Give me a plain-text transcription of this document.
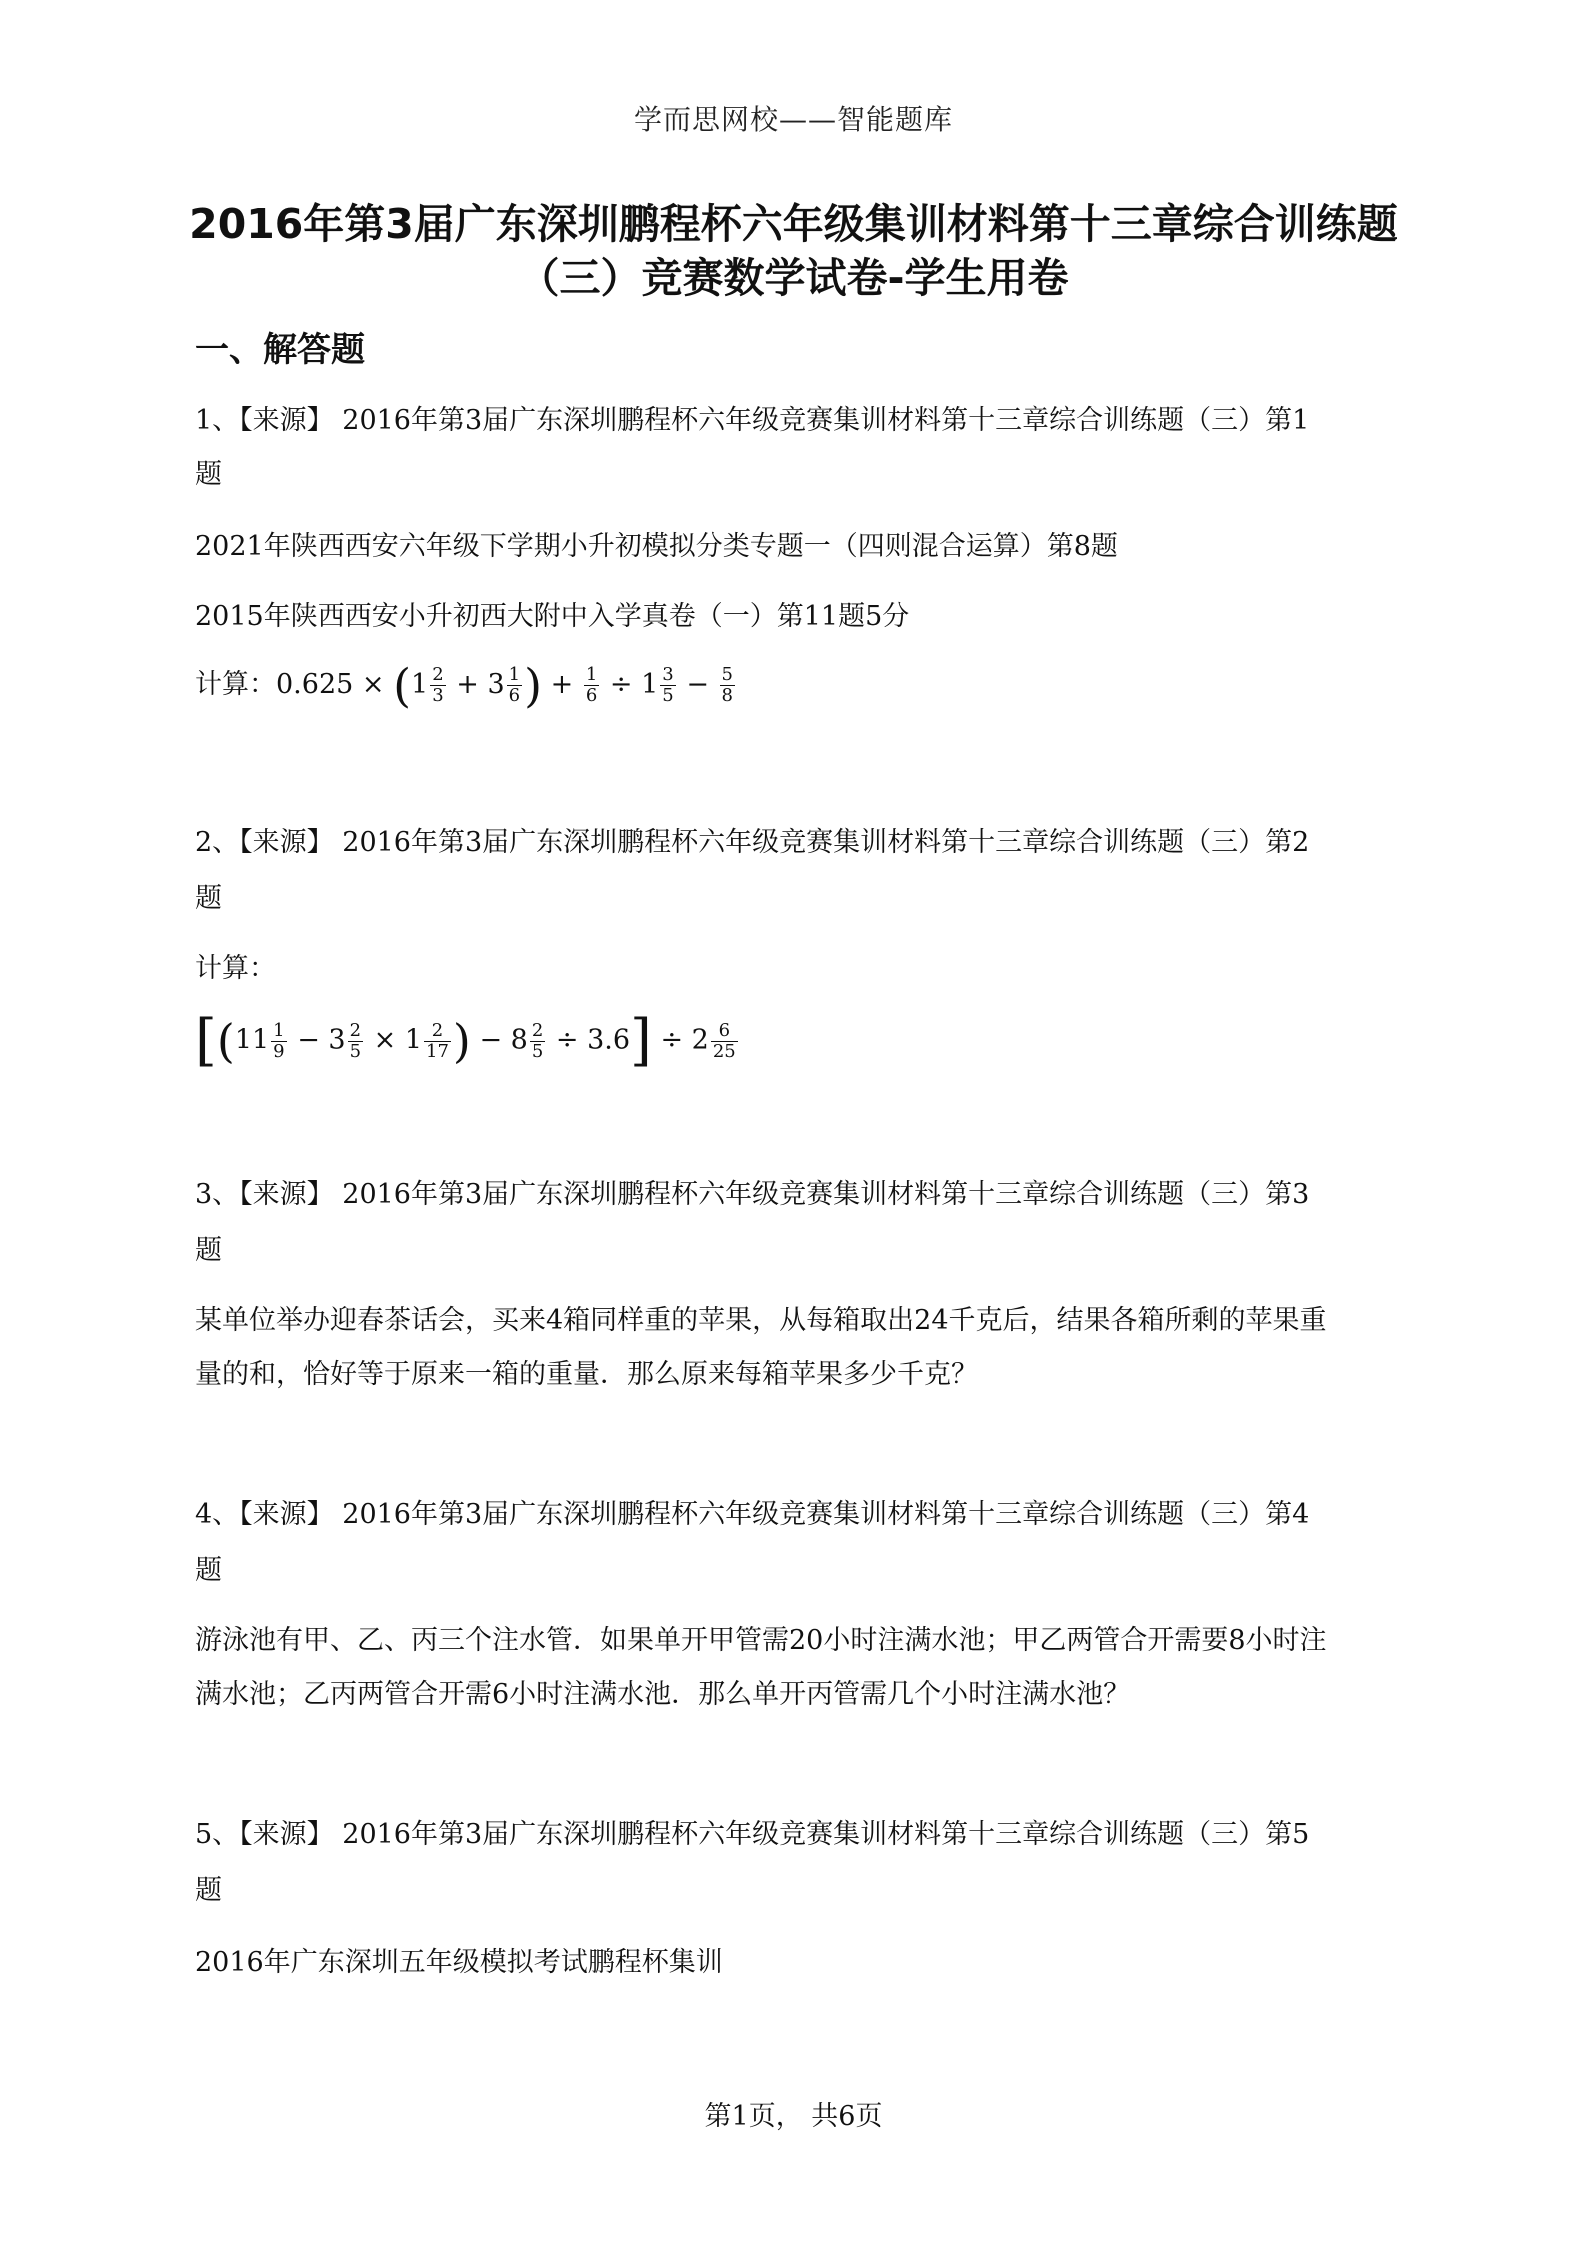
学而思网校——智能题库
2016年第3届广东深圳鹏程杯六年级集训材料第十三章综合训练题
（三）竞赛数学试卷-学生用卷
一、解答题
1、【来源】 2016年第3届广东深圳鹏程杯六年级竞赛集训材料第十三章综合训练题（三）第1
题
2021年陕西西安六年级下学期小升初模拟分类专题一（四则混合运算）第8题
2015年陕西西安小升初西大附中入学真卷（一）第11题5分
计算：$0.625 \times (1 \frac{2}{3} + 3 \frac{1}{6}$ ) + $\frac{1}{6} \div 1 \frac{3}{5} - \frac{5}{8}$
2、【来源】 2016年第3届广东深圳鹏程杯六年级竞赛集训材料第十三章综合训练题（三）第2
题
计算：
[($11 \frac{1}{9} - 3 \frac{2}{5} \times 1 \frac{2}{17}$ ) − $8 \frac{2}{5} \div 3.6] \div 2 \frac{6}{25}$
3、【来源】 2016年第3届广东深圳鹏程杯六年级竞赛集训材料第十三章综合训练题（三）第3
题
某单位举办迎春茶话会，买来4箱同样重的苹果，从每箱取出24千克后，结果各箱所剩的苹果重
量的和，恰好等于原来一箱的重量．那么原来每箱苹果多少千克？
4、【来源】 2016年第3届广东深圳鹏程杯六年级竞赛集训材料第十三章综合训练题（三）第4
题
游泳池有甲、乙、丙三个注水管．如果单开甲管需20小时注满水池；甲乙两管合开需要8小时注
满水池；乙丙两管合开需6小时注满水池．那么单开丙管需几个小时注满水池？
5、【来源】 2016年第3届广东深圳鹏程杯六年级竞赛集训材料第十三章综合训练题（三）第5
题
2016年广东深圳五年级模拟考试鹏程杯集训
第1页， 共6页
